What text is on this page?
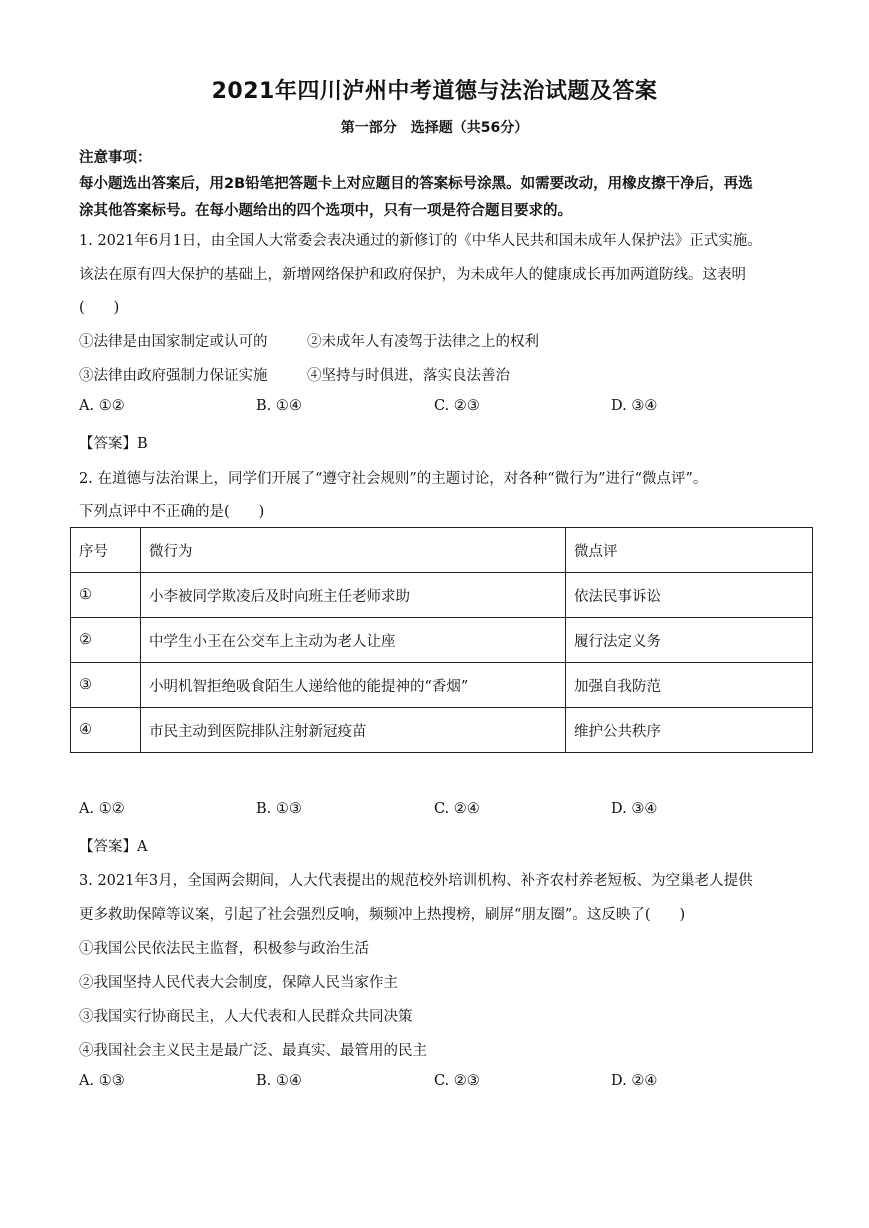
2021年四川泸州中考道德与法治试题及答案
第一部分　选择题（共56分）
注意事项：
每小题选出答案后，用2B铅笔把答题卡上对应题目的答案标号涂黑。如需要改动，用橡皮擦干净后，再选
涂其他答案标号。在每小题给出的四个选项中，只有一项是符合题目要求的。
1. 2021年6月1日，由全国人大常委会表决通过的新修订的《中华人民共和国未成年人保护法》正式实施。
该法在原有四大保护的基础上，新增网络保护和政府保护，为未成年人的健康成长再加两道防线。这表明
(　　)
①法律是由国家制定或认可的	②未成年人有凌驾于法律之上的权利
③法律由政府强制力保证实施	④坚持与时俱进，落实良法善治
A. ①②	B. ①④	C. ②③	D. ③④
【答案】B
2. 在道德与法治课上，同学们开展了“遵守社会规则”的主题讨论，对各种“微行为”进行“微点评”。
下列点评中不正确的是(　　)
序号	微行为	微点评
①	小李被同学欺凌后及时向班主任老师求助	依法民事诉讼
②	中学生小王在公交车上主动为老人让座	履行法定义务
③	小明机智拒绝吸食陌生人递给他的能提神的“香烟”	加强自我防范
④	市民主动到医院排队注射新冠疫苗	维护公共秩序
A. ①②	B. ①③	C. ②④	D. ③④
【答案】A
3. 2021年3月，全国两会期间，人大代表提出的规范校外培训机构、补齐农村养老短板、为空巢老人提供
更多救助保障等议案，引起了社会强烈反响，频频冲上热搜榜，刷屏“朋友圈”。这反映了(　　)
①我国公民依法民主监督，积极参与政治生活
②我国坚持人民代表大会制度，保障人民当家作主
③我国实行协商民主，人大代表和人民群众共同决策
④我国社会主义民主是最广泛、最真实、最管用的民主
A. ①③	B. ①④	C. ②③	D. ②④
